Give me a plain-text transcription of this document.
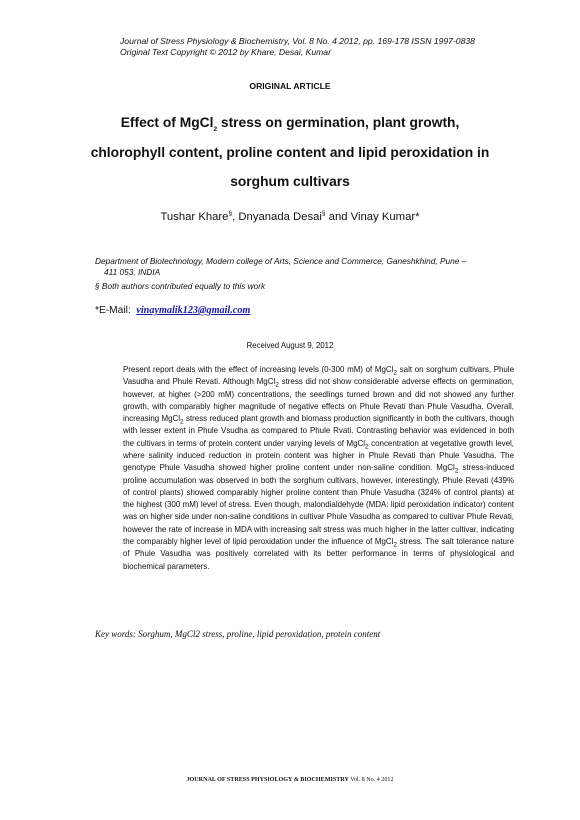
Journal of Stress Physiology & Biochemistry, Vol. 8 No. 4 2012, pp. 169-178 ISSN 1997-0838
Original Text Copyright © 2012 by Khare, Desai, Kumar
ORIGINAL ARTICLE
Effect of MgCl$_2$ stress on germination, plant growth,
chlorophyll content, proline content and lipid peroxidation in
sorghum cultivars
Tushar Khare§, Dnyanada Desai§ and Vinay Kumar*
Department of Biotechnology, Modern college of Arts, Science and Commerce, Ganeshkhind, Pune –
411 053, INDIA
§ Both authors contributed equally to this work
*E-Mail:  vinaymalik123@gmail.com
Received August 9, 2012

Present report deals with the effect of increasing levels (0-300 mM) of MgCl$_2$ salt on sorghum cultivars, Phule Vasudha and Phule Revati. Although MgCl$_2$ stress did not show considerable adverse effects on germination, however, at higher (>200 mM) concentrations, the seedlings turned brown and did not showed any further growth, with comparably higher magnitude of negative effects on Phule Revati than Phule Vasudha. Overall, increasing MgCl$_2$ stress reduced plant growth and biomass production significantly in both the cultivars, though with lesser extent in Phule Vsudha as compared to Phule Rvati. Contrasting behavior was evidenced in both the cultivars in terms of protein content under varying levels of MgCl$_2$ concentration at vegetative growth level, where salinity induced reduction in protein content was higher in Phule Revati than Phule Vasudha. The genotype Phule Vasudha showed higher proline content under non-saline condition. MgCl$_2$ stress-induced proline accumulation was observed in both the sorghum cultivars, however, interestingly, Phule Revati (439% of control plants) showed comparably higher proline content than Phule Vasudha (324% of control plants) at the highest (300 mM) level of stress. Even though, malondialdehyde (MDA: lipid peroxidation indicator) content was on higher side under non-saline conditions in cultivar Phule Vasudha as compared to cultivar Phule Revati, however the rate of increase in MDA with increasing salt stress was much higher in the latter cultivar, indicating the comparably higher level of lipid peroxidation under the influence of MgCl$_2$ stress. The salt tolerance nature of Phule Vasudha was positively correlated with its better performance in terms of physiological and biochemical parameters.

Key words: Sorghum, MgCl2 stress, proline, lipid peroxidation, protein content
JOURNAL OF STRESS PHYSIOLOGY & BIOCHEMISTRY Vol. 8 No. 4 2012
